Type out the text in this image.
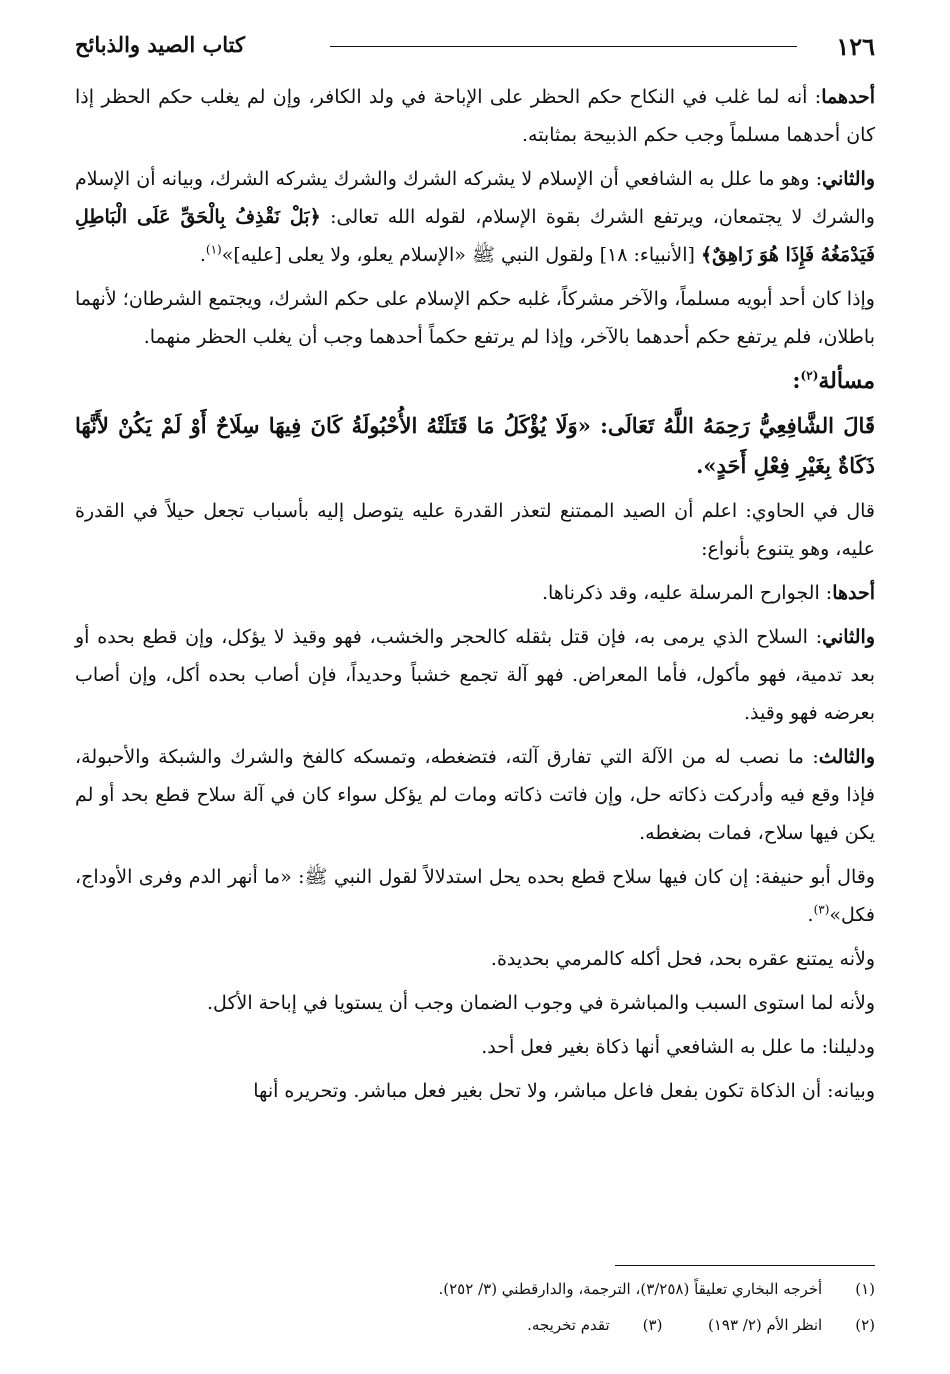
١٢٦
كتاب الصيد والذبائح

أحدهما: أنه لما غلب في النكاح حكم الحظر على الإباحة في ولد الكافر، وإن لم يغلب حكم الحظر إذا كان أحدهما مسلماً وجب حكم الذبيحة بمثابته.

والثاني: وهو ما علل به الشافعي أن الإسلام لا يشركه الشرك والشرك يشركه الشرك، وبيانه أن الإسلام والشرك لا يجتمعان، ويرتفع الشرك بقوة الإسلام، لقوله الله تعالى: ﴿بَلْ نَقْذِفُ بِالْحَقِّ عَلَى الْبَاطِلِ فَيَدْمَغُهُ فَإِذَا هُوَ زَاهِقٌ﴾ [الأنبياء: ١٨] ولقول النبي ﷺ «الإسلام يعلو، ولا يعلى [عليه]»$^{(١)}$.

وإذا كان أحد أبويه مسلماً، والآخر مشركاً، غلبه حكم الإسلام على حكم الشرك، ويجتمع الشرطان؛ لأنهما باطلان، فلم يرتفع حكم أحدهما بالآخر، وإذا لم يرتفع حكماً أحدهما وجب أن يغلب الحظر منهما.

مسألة$^{(٢)}$:

قَالَ الشَّافِعِيُّ رَحِمَهُ اللَّهُ تَعَالَى: «وَلَا يُؤْكَلُ مَا قَتَلَتْهُ الأُحْبُولَةُ كَانَ فِيهَا سِلَاحٌ أَوْ لَمْ يَكُنْ لأَنَّهَا ذَكَاةٌ بِغَيْرِ فِعْلِ أَحَدٍ».

قال في الحاوي: اعلم أن الصيد الممتنع لتعذر القدرة عليه يتوصل إليه بأسباب تجعل حيلاً في القدرة عليه، وهو يتنوع بأنواع:

أحدها: الجوارح المرسلة عليه، وقد ذكرناها.

والثاني: السلاح الذي يرمى به، فإن قتل بثقله كالحجر والخشب، فهو وقيذ لا يؤكل، وإن قطع بحده أو بعد تدمية، فهو مأكول، فأما المعراض. فهو آلة تجمع خشباً وحديداً، فإن أصاب بحده أكل، وإن أصاب بعرضه فهو وقيذ.

والثالث: ما نصب له من الآلة التي تفارق آلته، فتضغطه، وتمسكه كالفخ والشرك والشبكة والأحبولة، فإذا وقع فيه وأدركت ذكاته حل، وإن فاتت ذكاته ومات لم يؤكل سواء كان في آلة سلاح قطع بحد أو لم يكن فيها سلاح، فمات بضغطه.

وقال أبو حنيفة: إن كان فيها سلاح قطع بحده يحل استدلالاً لقول النبي ﷺ: «ما أنهر الدم وفرى الأوداج، فكل»$^{(٣)}$.

ولأنه يمتنع عقره بحد، فحل أكله كالمرمي بحديدة.

ولأنه لما استوى السبب والمباشرة في وجوب الضمان وجب أن يستويا في إباحة الأكل.

ودليلنا: ما علل به الشافعي أنها ذكاة بغير فعل أحد.

وبيانه: أن الذكاة تكون بفعل فاعل مباشر، ولا تحل بغير فعل مباشر. وتحريره أنها

(١) أخرجه البخاري تعليقاً (٣/٢٥٨)، الترجمة، والدارقطني (٣/ ٢٥٢).
(٢) انظر الأم (٢/ ١٩٣) (٣) تقدم تخريجه.
